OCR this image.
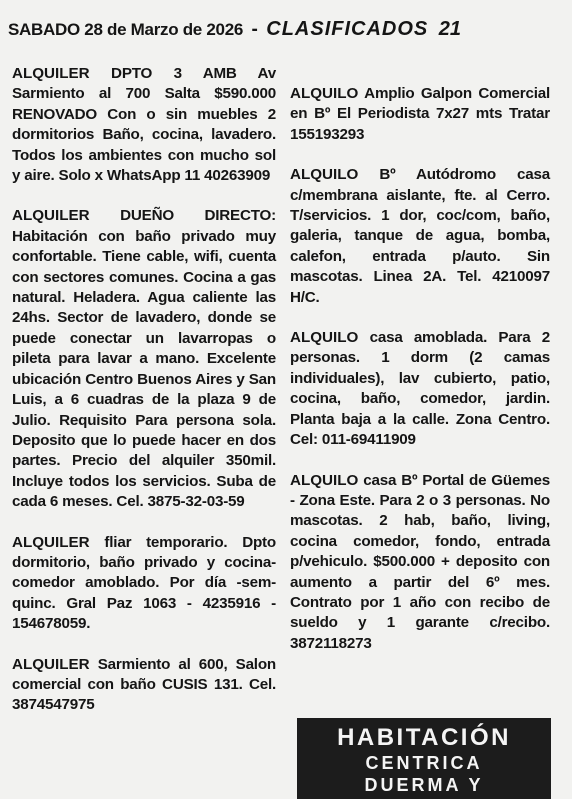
SABADO 28 de Marzo de 2026 - CLASIFICADOS 21

ALQUILER DPTO 3 AMB Av Sarmiento al 700 Salta $590.000 RENOVADO Con o sin muebles 2 dormitorios Baño, cocina, lavadero. Todos los ambientes con mucho sol y aire. Solo x WhatsApp 11 40263909

ALQUILER DUEÑO DIRECTO: Habitación con baño privado muy confortable. Tiene cable, wifi, cuenta con sectores comunes. Cocina a gas natural. Heladera. Agua caliente las 24hs. Sector de lavadero, donde se puede conectar un lavarropas o pileta para lavar a mano. Excelente ubicación Centro Buenos Aires y San Luis, a 6 cuadras de la plaza 9 de Julio. Requisito Para persona sola. Deposito que lo puede hacer en dos partes. Precio del alquiler 350mil. Incluye todos los servicios. Suba de cada 6 meses. Cel. 3875-32-03-59

ALQUILER fliar temporario. Dpto dormitorio, baño privado y cocina-comedor amoblado. Por día -sem- quinc. Gral Paz 1063 - 4235916 - 154678059.

ALQUILER Sarmiento al 600, Salon comercial con baño CUSIS 131. Cel. 3874547975

ALQUILO Amplio Galpon Comercial en Bº El Periodista 7x27 mts Tratar 155193293

ALQUILO Bº Autódromo casa c/membrana aislante, fte. al Cerro. T/servicios. 1 dor, coc/com, baño, galeria, tanque de agua, bomba, calefon, entrada p/auto. Sin mascotas. Linea 2A. Tel. 4210097 H/C.

ALQUILO casa amoblada. Para 2 personas. 1 dorm (2 camas individuales), lav cubierto, patio, cocina, baño, comedor, jardin. Planta baja a la calle. Zona Centro. Cel: 011-69411909

ALQUILO casa Bº Portal de Güemes - Zona Este. Para 2 o 3 personas. No mascotas. 2 hab, baño, living, cocina comedor, fondo, entrada p/vehiculo. $500.000 + deposito con aumento a partir del 6º mes. Contrato por 1 año con recibo de sueldo y 1 garante c/recibo. 3872118273

HABITACIÓN
CENTRICA
DUERMA Y
